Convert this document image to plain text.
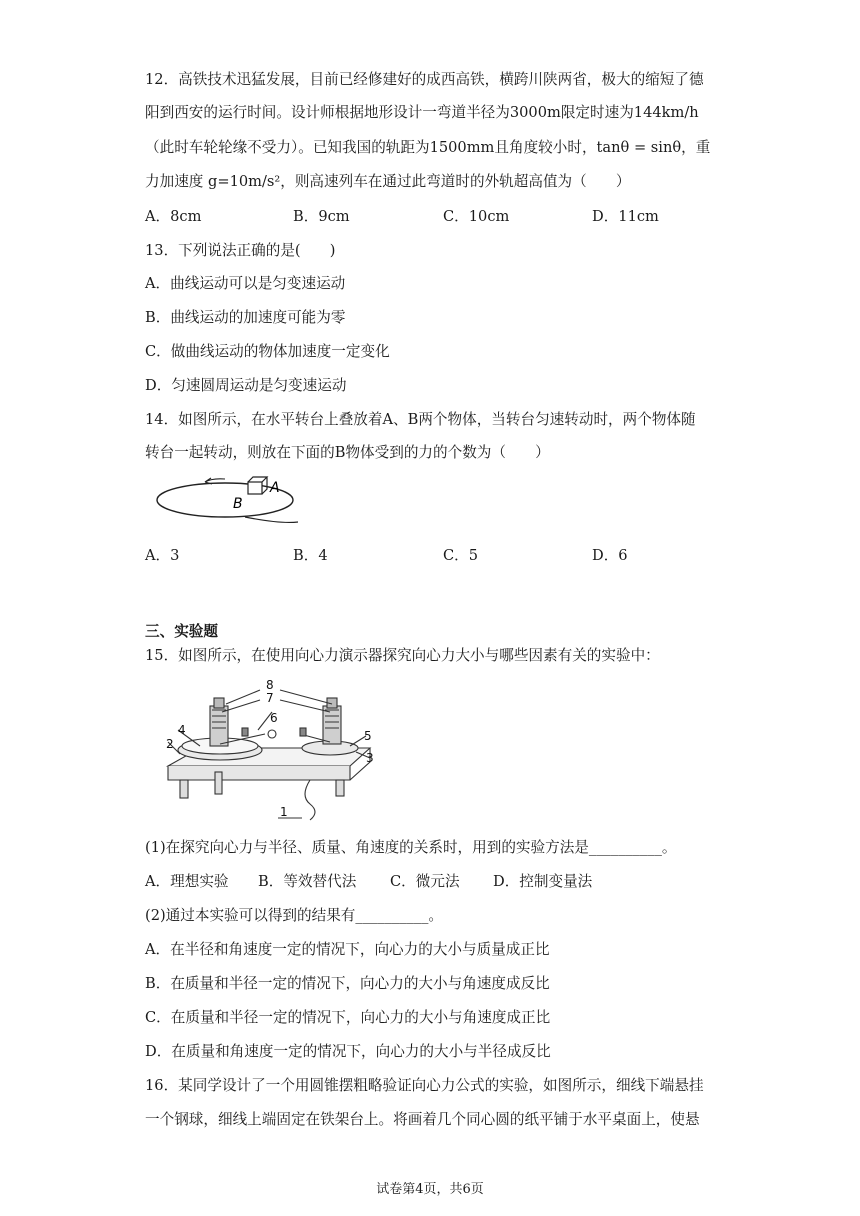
12．高铁技术迅猛发展，目前已经修建好的成西高铁，横跨川陕两省，极大的缩短了德
阳到西安的运行时间。设计师根据地形设计一弯道半径为3000m限定时速为144km/h
（此时车轮轮缘不受力）。已知我国的轨距为1500mm且角度较小时，tanθ = sinθ，重
力加速度 g=10m/s²，则高速列车在通过此弯道时的外轨超高值为（　　）
A．8cm	B．9cm	C．10cm	D．11cm
13．下列说法正确的是(　　)
A．曲线运动可以是匀变速运动
B．曲线运动的加速度可能为零
C．做曲线运动的物体加速度一定变化
D．匀速圆周运动是匀变速运动
14．如图所示，在水平转台上叠放着A、B两个物体，当转台匀速转动时，两个物体随
转台一起转动，则放在下面的B物体受到的力的个数为（　　）
A
B
A．3	B．4	C．5	D．6
三、实验题
15．如图所示，在使用向心力演示器探究向心力大小与哪些因素有关的实验中：
8
7
6
4	5
2
3
1
(1)在探究向心力与半径、质量、角速度的关系时，用到的实验方法是__________。
A．理想实验 B．等效替代法 C．微元法 D．控制变量法
(2)通过本实验可以得到的结果有__________。
A．在半径和角速度一定的情况下，向心力的大小与质量成正比
B．在质量和半径一定的情况下，向心力的大小与角速度成反比
C．在质量和半径一定的情况下，向心力的大小与角速度成正比
D．在质量和角速度一定的情况下，向心力的大小与半径成反比
16．某同学设计了一个用圆锥摆粗略验证向心力公式的实验，如图所示，细线下端悬挂
一个钢球，细线上端固定在铁架台上。将画着几个同心圆的纸平铺于水平桌面上，使悬
试卷第4页，共6页
